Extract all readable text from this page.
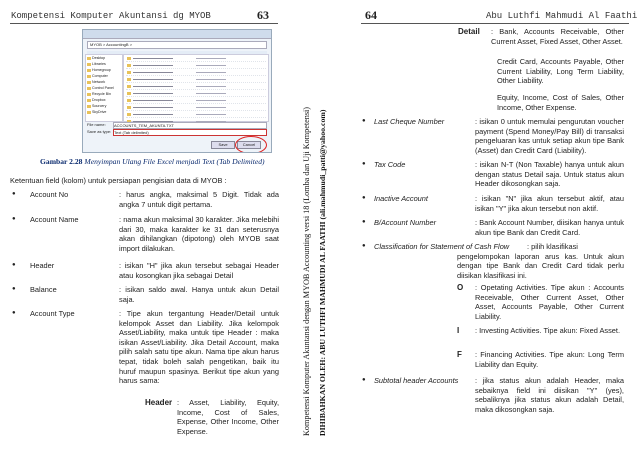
Kompetensi Komputer Akuntansi dg MYOB	63
MYOB > AccountingB >
Desktop
Libraries
Homegroup
Computer
Network
Control Panel
Recycle Bin
Dropbox
Sourcery
SkyDrive
File name: ACCOUNTS_TEM_AKUNTA.TXT
Save as type: Text (Tab delimited)
Save	Cancel
Gambar 2.28 Menyimpan Ulang File Excel menjadi Text (Tab Delimited)
Ketentuan field (kolom) untuk persiapan pengisian data di MYOB :
● Account No	: harus angka, maksimal 5 Digit. Tidak ada angka 7 untuk digit pertama.
● Account Name	: nama akun maksimal 30 karakter. Jika melebihi dari 30, maka karakter ke 31 dan seterusnya akan dihilangkan (dipotong) oleh MYOB saat import dilakukan.
● Header	: isikan "H" jika akun tersebut sebagai Header atau kosongkan jika sebagai Detail
● Balance	: isikan saldo awal. Hanya untuk akun Detail saja.
● Account Type	: Tipe akun tergantung Header/Detail untuk kelompok Asset dan Liability. Jika kelompok Asset/Liability, maka untuk tipe Header : maka isikan Asset/Liability. Jika Detail Account, maka pilih salah satu tipe akun. Nama tipe akun harus tepat, tidak boleh salah pengetikan, baik itu huruf maupun spasinya. Berikut tipe akun yang harus sama:
Header : Asset, Liability, Equity, Income, Cost of Sales, Expense, Other Income, Other Expense.	Kompetensi Komputer Akuntansi dengan MYOB Accounting versi 18 (Lomba dan Uji Kompetensi) DIHIBAHKAN OLEH: ABU LUTHFI MAHMUDI AL FAATHI (ali.mahmudi_patti@yahoo.com)
64	Abu Luthfi Mahmudi Al Faathi
Detail : Bank, Accounts Receivable, Other Current Asset, Fixed Asset, Other Asset.
Credit Card, Accounts Payable, Other Current Liability, Long Term Liability, Other Liability.
Equity, Income, Cost of Sales, Other Income, Other Expense.
● Last Cheque Number	: isikan 0 untuk memulai pengurutan voucher payment (Spend Money/Pay Bill) di transaksi pengeluaran kas untuk setiap akun tipe Bank (Asset) dan Credit Card (Liability).
● Tax Code	: isikan N-T (Non Taxable) hanya untuk akun dengan status Detail saja. Untuk status akun Header dikosongkan saja.
● Inactive Account	: isikan "N" jika akun tersebut aktif, atau isikan "Y" jika akun tersebut non aktif.
● B/Account Number	: Bank Account Number, diisikan hanya untuk akun tipe Bank dan Credit Card.
● Classification for Statement of Cash Flow : pilih klasifikasi
pengelompokan laporan arus kas. Untuk akun dengan tipe Bank dan Credit Card tidak perlu diisikan klasifikasi ini.
O : Opetating Activities. Tipe akun : Accounts Receivable, Other Current Asset, Other Asset, Accounts Payable, Other Current Liability.
I : Investing Activities. Tipe akun: Fixed Asset.
F : Financing Activities. Tipe akun: Long Term Liability dan Equity.
● Subtotal header Accounts : jika status akun adalah Header, maka sebaiknya field ini diisikan "Y" (yes), sebaliknya jika status akun adalah Detail, maka dikosongkan saja.
